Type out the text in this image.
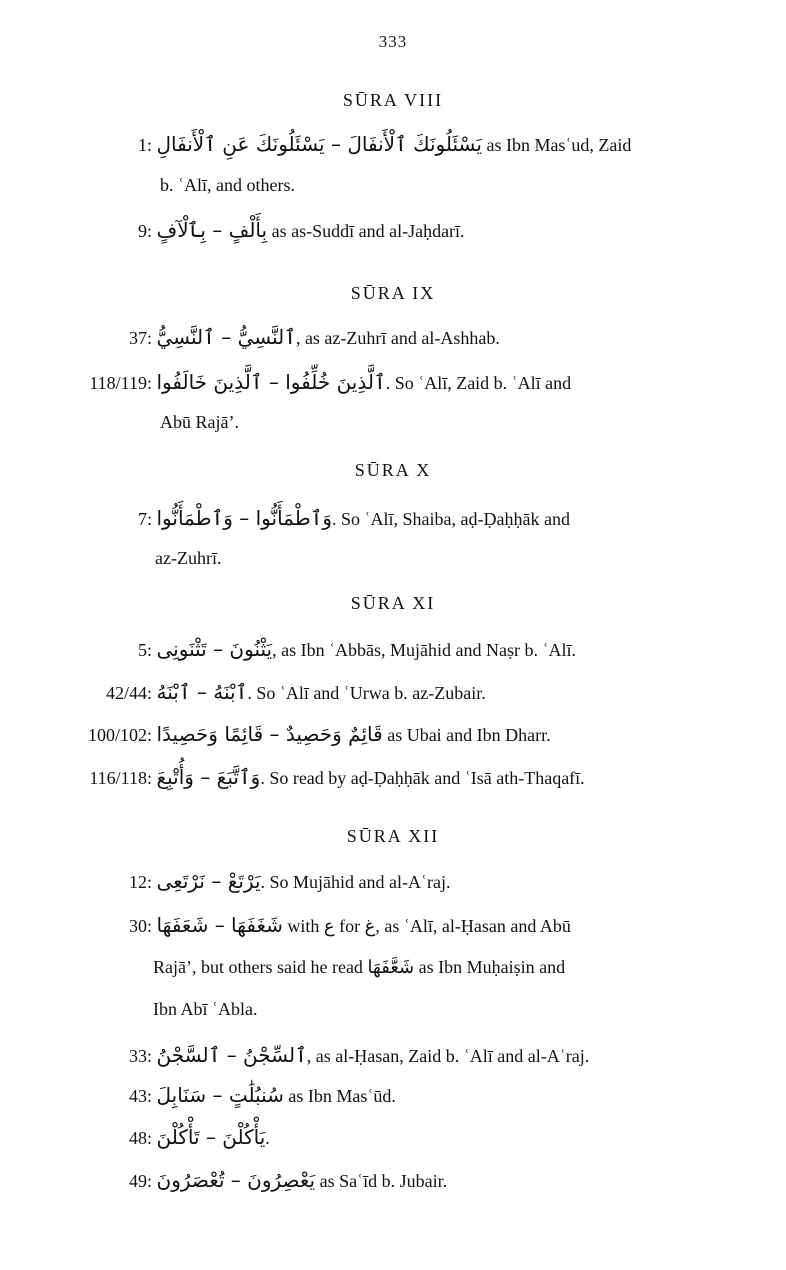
333
SŪRA VIII
1: يَسْئَلُونَكَ ٱلْأَنفَالَ – يَسْئَلُونَكَ عَنِ ٱلْأَنفَالِ as Ibn Masʿud, Zaid
b. ʿAlī, and others.
9: بِأَلْفٍ – بِٱلْآفٍ as as-Suddī and al-Jaḥdarī.
SŪRA IX
37: ٱلنَّسِيُّ – ٱلنَّسِيُّ, as az-Zuhrī and al-Ashhab.
118/119: ٱلَّذِينَ خُلِّفُوا – ٱلَّذِينَ خَالَفُوا. So ʿAlī, Zaid b. ʿAlī and
Abū Rajā’.
SŪRA X
7: وَٱطْمَأَنُّوا – وَٱطْمَأَنُّوا. So ʿAlī, Shaiba, aḍ-Ḍaḥḥāk and
az-Zuhrī.
SŪRA XI
5: يَثْنُونَ – تَثْنَونِى, as Ibn ʿAbbās, Mujāhid and Naṣr b. ʿAlī.
42/44: ٱبْنَهُ – ٱبْنَهُ. So ʿAlī and ʿUrwa b. az-Zubair.
100/102: قَائِمٌ وَحَصِيدٌ – قَائِمًا وَحَصِيدًا as Ubai and Ibn Dharr.
116/118: وَٱتَّبَعَ – وَأُتْبِعَ. So read by aḍ-Ḍaḥḥāk and ʿIsā ath-Thaqafī.
SŪRA XII
12: يَرْتَعْ – نَرْتَعِى. So Mujāhid and al-Aʿraj.
30: شَغَفَهَا – شَعَفَهَا with ع for غ, as ʿAlī, al-Ḥasan and Abū
Rajā’, but others said he read شَعَّفَهَا as Ibn Muḥaiṣin and
Ibn Abī ʿAbla.
33: ٱلسِّجْنُ – ٱلسَّجْنُ, as al-Ḥasan, Zaid b. ʿAlī and al-Aʿraj.
43: سُنبُلَٰتٍ – سَنَابِلَ as Ibn Masʿūd.
48: يَأْكُلْنَ – تَأْكُلْنَ.
49: يَعْصِرُونَ – تُعْصَرُونَ as Saʿīd b. Jubair.
